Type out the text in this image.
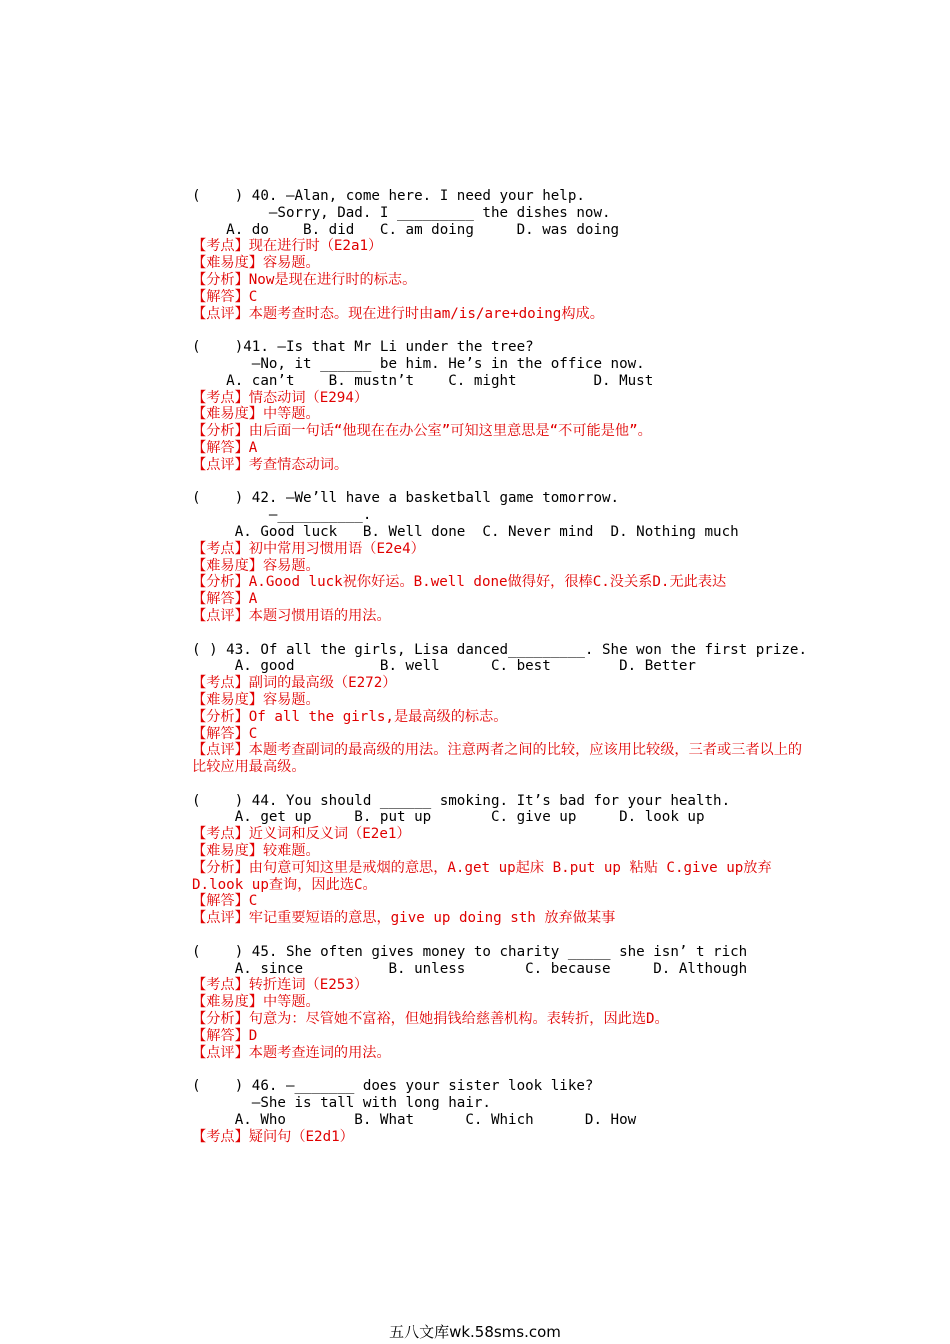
(    ) 40. —Alan, come here. I need your help.
—Sorry, Dad. I _________ the dishes now.
A. do    B. did   C. am doing     D. was doing
【考点】现在进行时（E2a1）
【难易度】容易题。
【分析】Now是现在进行时的标志。
【解答】C
【点评】本题考查时态。现在进行时由am/is/are+doing构成。
(    )41. —Is that Mr Li under the tree?
—No, it ______ be him. He’s in the office now.
A. can’t    B. mustn’t    C. might         D. Must
【考点】情态动词（E294）
【难易度】中等题。
【分析】由后面一句话“他现在在办公室”可知这里意思是“不可能是他”。
【解答】A
【点评】考查情态动词。
(    ) 42. —We’ll have a basketball game tomorrow.
—__________.
A. Good luck   B. Well done  C. Never mind  D. Nothing much
【考点】初中常用习惯用语（E2e4）
【难易度】容易题。
【分析】A.Good luck祝你好运。B.well done做得好，很棒C.没关系D.无此表达
【解答】A
【点评】本题习惯用语的用法。
( ) 43. Of all the girls, Lisa danced_________. She won the first prize.
A. good          B. well      C. best        D. Better
【考点】副词的最高级（E272）
【难易度】容易题。
【分析】Of all the girls,是最高级的标志。
【解答】C
【点评】本题考查副词的最高级的用法。注意两者之间的比较，应该用比较级，三者或三者以上的比较应用最高级。
(    ) 44. You should ______ smoking. It’s bad for your health.
A. get up     B. put up       C. give up     D. look up
【考点】近义词和反义词（E2e1）
【难易度】较难题。
【分析】由句意可知这里是戒烟的意思，A.get up起床 B.put up 粘贴 C.give up放弃 D.look up查询，因此选C。
【解答】C
【点评】牢记重要短语的意思，give up doing sth 放弃做某事
(    ) 45. She often gives money to charity _____ she isn’ t rich
A. since          B. unless       C. because     D. Although
【考点】转折连词（E253）
【难易度】中等题。
【分析】句意为：尽管她不富裕，但她捐钱给慈善机构。表转折，因此选D。
【解答】D
【点评】本题考查连词的用法。
(    ) 46. —_______ does your sister look like?
—She is tall with long hair.
A. Who        B. What      C. Which      D. How
【考点】疑问句（E2d1）
五八文库wk.58sms.com
